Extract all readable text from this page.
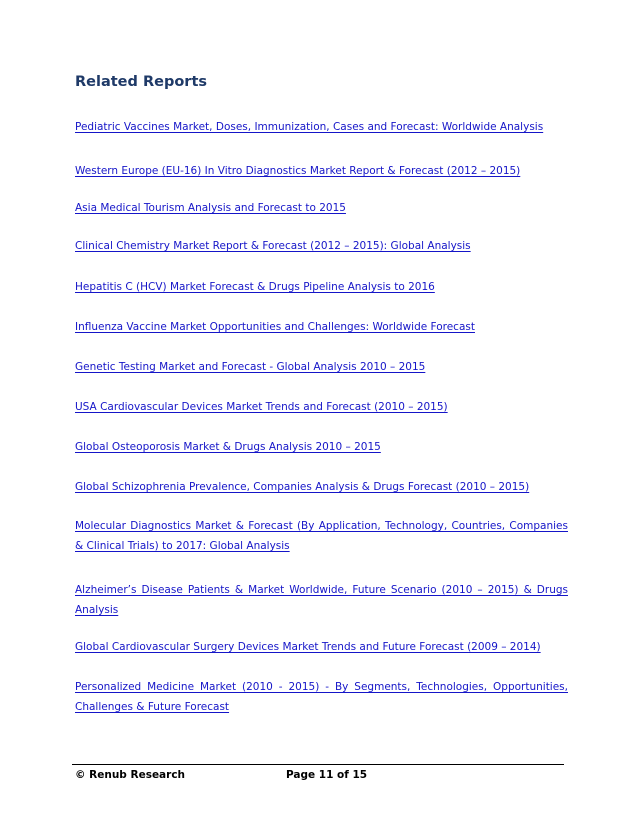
Related Reports
Pediatric Vaccines Market, Doses, Immunization, Cases and Forecast: Worldwide Analysis
Western Europe (EU-16) In Vitro Diagnostics Market Report & Forecast (2012 – 2015)
Asia Medical Tourism Analysis and Forecast to 2015
Clinical Chemistry Market Report & Forecast (2012 – 2015): Global Analysis
Hepatitis C (HCV) Market Forecast & Drugs Pipeline Analysis to 2016
Influenza Vaccine Market Opportunities and Challenges: Worldwide Forecast
Genetic Testing Market and Forecast - Global Analysis 2010 – 2015
USA Cardiovascular Devices Market Trends and Forecast (2010 – 2015)
Global Osteoporosis Market & Drugs Analysis 2010 – 2015
Global Schizophrenia Prevalence, Companies Analysis & Drugs Forecast (2010 – 2015)
Molecular Diagnostics Market & Forecast (By Application, Technology, Countries, Companies & Clinical Trials) to 2017: Global Analysis
Alzheimer’s Disease Patients & Market Worldwide, Future Scenario (2010 – 2015) & Drugs Analysis
Global Cardiovascular Surgery Devices Market Trends and Future Forecast (2009 – 2014)
Personalized Medicine Market (2010 - 2015) - By Segments, Technologies, Opportunities, Challenges & Future Forecast
© Renub Research	Page 11 of 15
